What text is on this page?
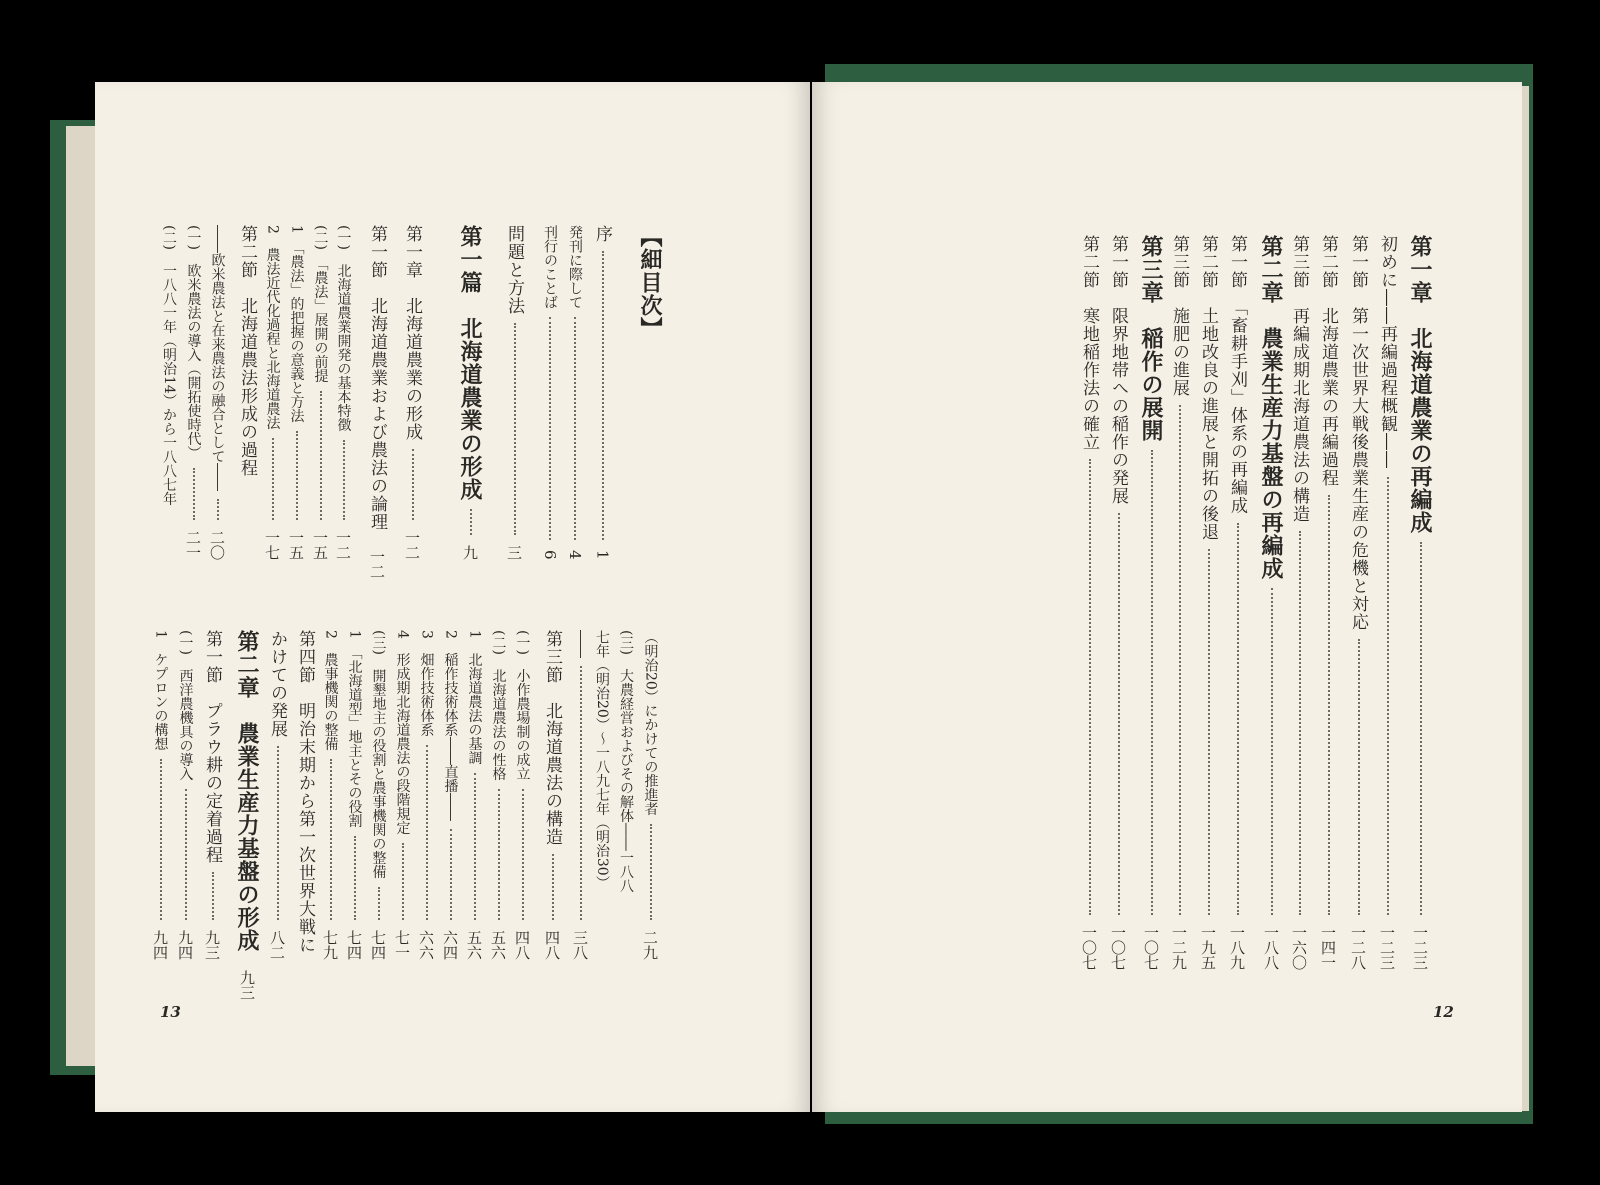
第一章　北海道農業の再編成
一二三
初めに――再編過程概観――
一二三
第一節　第一次世界大戦後農業生産の危機と対応
一二八
第二節　北海道農業の再編過程
一四一
第三節　再編成期北海道農法の構造
一六〇
第二章　農業生産力基盤の再編成
一八八
第一節　「畜耕手刈」体系の再編成
一八九
第二節　土地改良の進展と開拓の後退
一九五
第三節　施肥の進展
一二九
第三章　稲作の展開
一〇七
第一節　限界地帯への稲作の発展
一〇七
第二節　寒地稲作法の確立
一〇七
【細目次】
序
1
発刊に際して
4
刊行のことば
6
問題と方法
三
第一篇　北海道農業の形成
九
第一章　北海道農業の形成
一二
第一節　北海道農業および農法の論理
一二
(一)　北海道農業開発の基本特徴
一二
(二)　「農法」展開の前提
一五
1　「農法」的把握の意義と方法
一五
2　農法近代化過程と北海道農法
一七
第二節　北海道農法形成の過程
――欧米農法と在来農法の融合として――
二〇
(一)　欧米農法の導入（開拓使時代）
二一
(二)　一八八一年（明治14）から一八八七年
（明治20）にかけての推進者
二九
(三)　大農経営およびその解体――一八八
七年（明治20）～一八九七年（明治30）
――
三八
第三節　北海道農法の構造
四八
(一)　小作農場制の成立
四八
(二)　北海道農法の性格
五六
1　北海道農法の基調
五六
2　稲作技術体系――直播――
六四
3　畑作技術体系
六六
4　形成期北海道農法の段階規定
七一
(三)　開墾地主の役割と農事機関の整備
七四
1　「北海道型」地主とその役割
七四
2　農事機関の整備
七九
第四節　明治末期から第一次世界大戦に
かけての発展
八二
第二章　農業生産力基盤の形成
九三
第一節　プラウ耕の定着過程
九三
(一)　西洋農機具の導入
九四
1　ケプロンの構想
九四
13	12
